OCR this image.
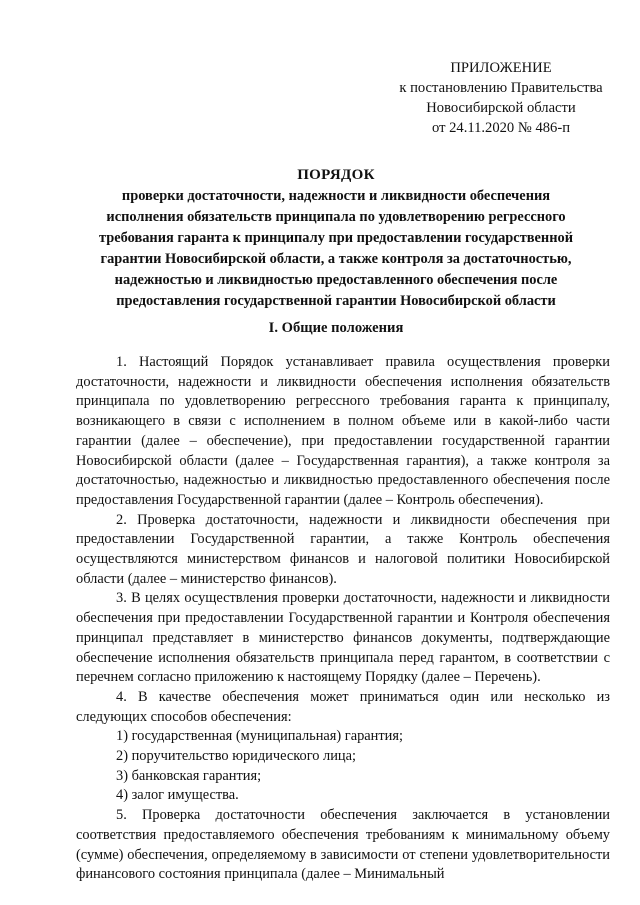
ПРИЛОЖЕНИЕ
к постановлению Правительства
Новосибирской области
от 24.11.2020 № 486-п
ПОРЯДОК
проверки достаточности, надежности и ликвидности обеспечения
исполнения обязательств принципала по удовлетворению регрессного
требования гаранта к принципалу при предоставлении государственной
гарантии Новосибирской области, а также контроля за достаточностью,
надежностью и ликвидностью предоставленного обеспечения после
предоставления государственной гарантии Новосибирской области
I. Общие положения

1. Настоящий Порядок устанавливает правила осуществления проверки достаточности, надежности и ликвидности обеспечения исполнения обязательств принципала по удовлетворению регрессного требования гаранта к принципалу, возникающего в связи с исполнением в полном объеме или в какой-либо части гарантии (далее – обеспечение), при предоставлении государственной гарантии Новосибирской области (далее – Государственная гарантия), а также контроля за достаточностью, надежностью и ликвидностью предоставленного обеспечения после предоставления Государственной гарантии (далее – Контроль обеспечения).

2. Проверка достаточности, надежности и ликвидности обеспечения при предоставлении Государственной гарантии, а также Контроль обеспечения осуществляются министерством финансов и налоговой политики Новосибирской области (далее – министерство финансов).

3. В целях осуществления проверки достаточности, надежности и ликвидности обеспечения при предоставлении Государственной гарантии и Контроля обеспечения принципал представляет в министерство финансов документы, подтверждающие обеспечение исполнения обязательств принципала перед гарантом, в соответствии с перечнем согласно приложению к настоящему Порядку (далее – Перечень).

4. В качестве обеспечения может приниматься один или несколько из следующих способов обеспечения:

1) государственная (муниципальная) гарантия;

2) поручительство юридического лица;

3) банковская гарантия;

4) залог имущества.

5. Проверка достаточности обеспечения заключается в установлении соответствия предоставляемого обеспечения требованиям к минимальному объему (сумме) обеспечения, определяемому в зависимости от степени удовлетворительности финансового состояния принципала (далее – Минимальный
